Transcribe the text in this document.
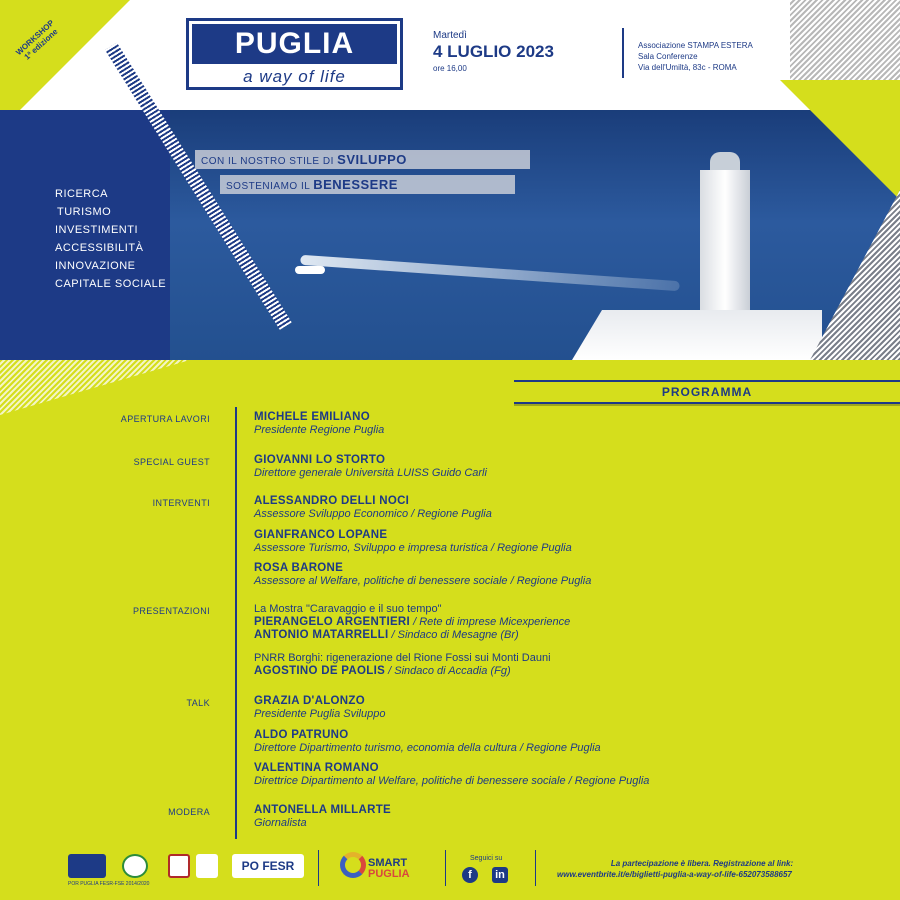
WORKSHOP
1ª edizione	PUGLIA
a way of life
Martedì
4 LUGLIO 2023
ore 16,00
Associazione STAMPA ESTERA
Sala Conferenze
Via dell'Umiltà, 83c - ROMA
CON IL NOSTRO STILE DI SVILUPPO
SOSTENIAMO IL BENESSERE
RICERCA
TURISMO
INVESTIMENTI
ACCESSIBILITÀ
INNOVAZIONE
CAPITALE SOCIALE
PROGRAMMA
APERTURA LAVORI	MICHELE EMILIANO
Presidente Regione Puglia
SPECIAL GUEST	GIOVANNI LO STORTO
Direttore generale Università LUISS Guido Carli
INTERVENTI	ALESSANDRO DELLI NOCI
Assessore Sviluppo Economico / Regione Puglia
GIANFRANCO LOPANE
Assessore Turismo, Sviluppo e impresa turistica / Regione Puglia
ROSA BARONE
Assessore al Welfare, politiche di benessere sociale / Regione Puglia
PRESENTAZIONI	La Mostra "Caravaggio e il suo tempo"
PIERANGELO ARGENTIERI / Rete di imprese Micexperience
ANTONIO MATARRELLI / Sindaco di Mesagne (Br)
PNRR Borghi: rigenerazione del Rione Fossi sui Monti Dauni
AGOSTINO DE PAOLIS / Sindaco di Accadia (Fg)
TALK	GRAZIA D'ALONZO
Presidente Puglia Sviluppo
ALDO PATRUNO
Direttore Dipartimento turismo, economia della cultura / Regione Puglia
VALENTINA ROMANO
Direttrice Dipartimento al Welfare, politiche di benessere sociale / Regione Puglia
MODERA	ANTONELLA MILLARTE
Giornalista
PO FESR
POR PUGLIA FESR-FSE 2014/2020
SMART
PUGLIA
Seguici su
f	in
La partecipazione è libera. Registrazione al link:
www.eventbrite.it/e/biglietti-puglia-a-way-of-life-652073588657
